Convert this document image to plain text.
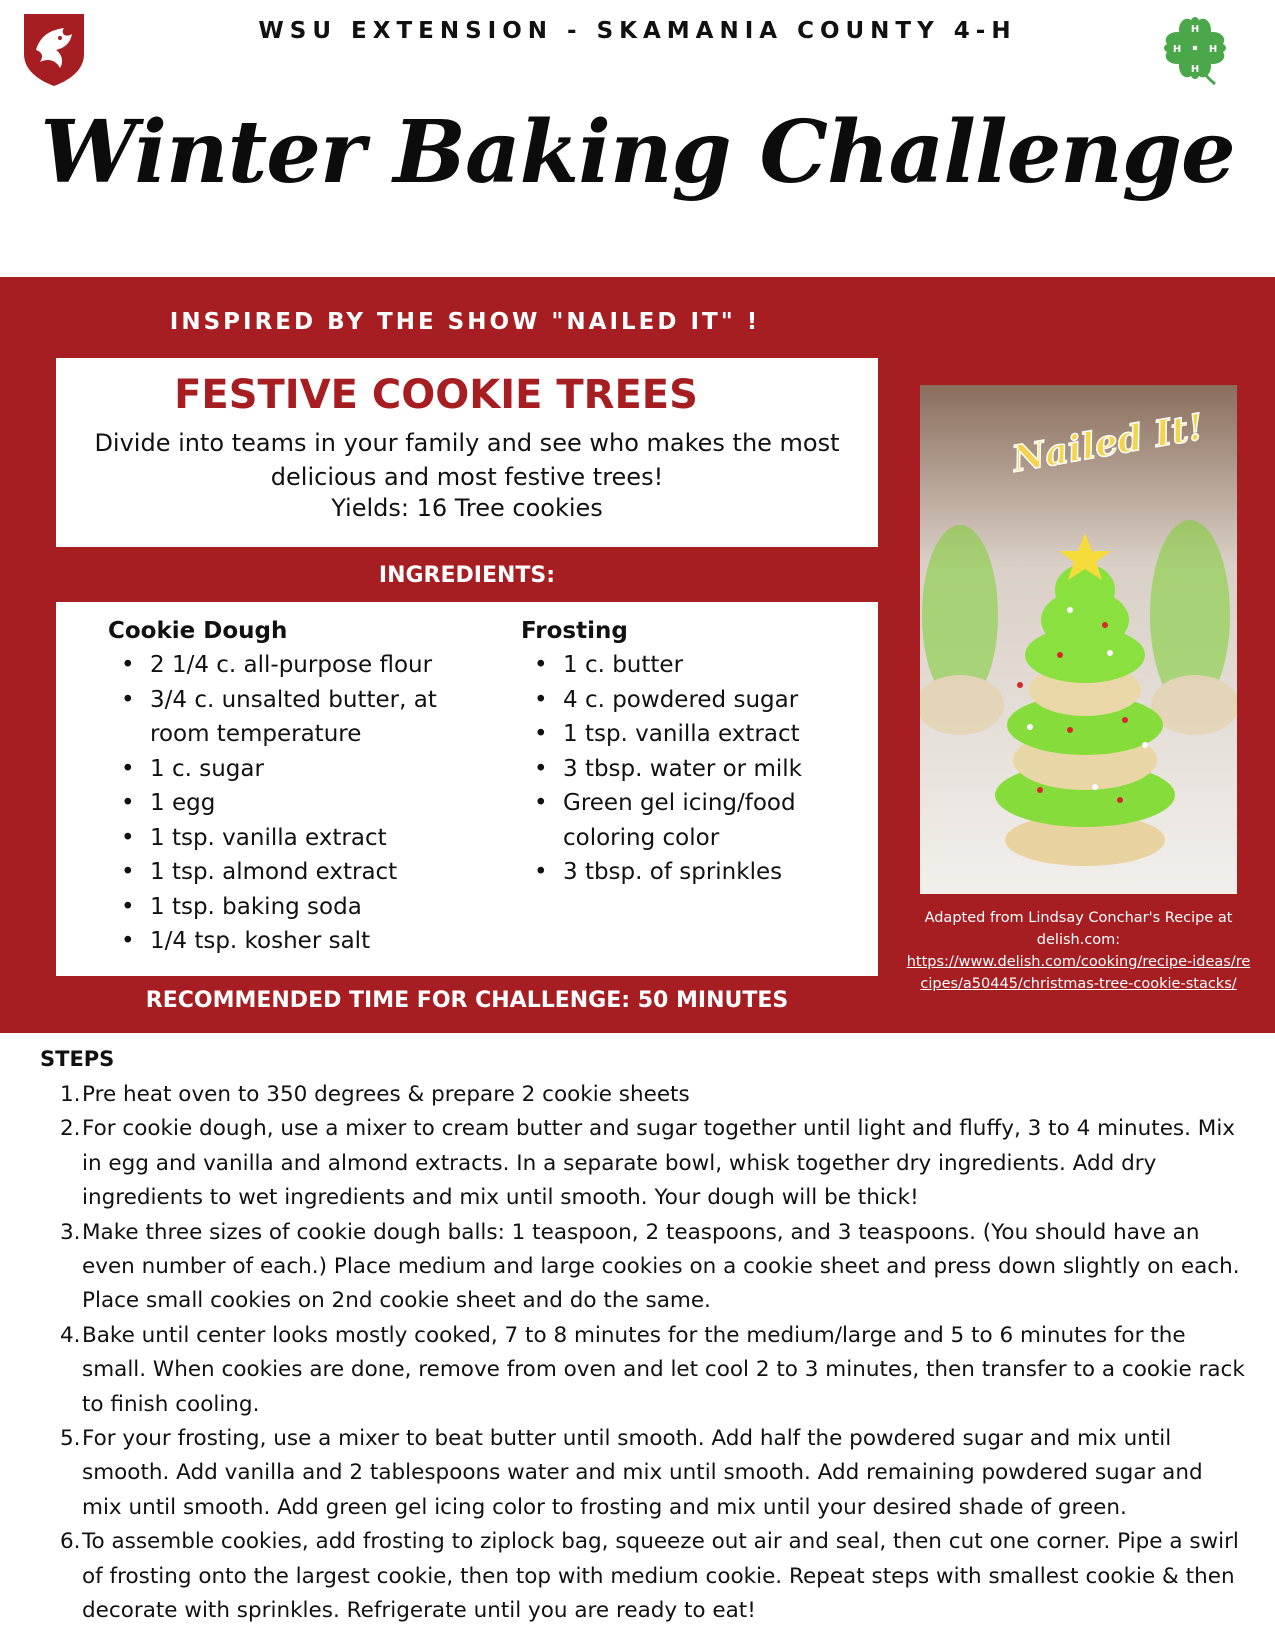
H
H
H
H
WSU EXTENSION - SKAMANIA COUNTY 4-H
Winter Baking Challenge
INSPIRED BY THE SHOW "NAILED IT" !
FESTIVE COOKIE TREES
Divide into teams in your family and see who makes the most delicious and most festive trees!
Yields: 16 Tree cookies
INGREDIENTS:
Cookie Dough
• 2 1/4 c. all-purpose flour
• 3/4 c. unsalted butter, at room temperature
• 1 c. sugar
• 1 egg
• 1 tsp. vanilla extract
• 1 tsp. almond extract
• 1 tsp. baking soda
• 1/4 tsp. kosher salt
Frosting
• 1 c. butter
• 4 c. powdered sugar
• 1 tsp. vanilla extract
• 3 tbsp. water or milk
• Green gel icing/food coloring color
• 3 tbsp. of sprinkles
RECOMMENDED TIME FOR CHALLENGE: 50 MINUTES
Nailed It!
Adapted from Lindsay Conchar's Recipe at delish.com:
https://www.delish.com/cooking/recipe-ideas/recipes/a50445/christmas-tree-cookie-stacks/
STEPS
1. Pre heat oven to 350 degrees & prepare 2 cookie sheets
2. For cookie dough, use a mixer to cream butter and sugar together until light and fluffy, 3 to 4 minutes. Mix in egg and vanilla and almond extracts. In a separate bowl, whisk together dry ingredients. Add dry ingredients to wet ingredients and mix until smooth. Your dough will be thick!
3. Make three sizes of cookie dough balls: 1 teaspoon, 2 teaspoons, and 3 teaspoons. (You should have an even number of each.) Place medium and large cookies on a cookie sheet and press down slightly on each. Place small cookies on 2nd cookie sheet and do the same.
4. Bake until center looks mostly cooked, 7 to 8 minutes for the medium/large and 5 to 6 minutes for the small. When cookies are done, remove from oven and let cool 2 to 3 minutes, then transfer to a cookie rack to finish cooling.
5. For your frosting, use a mixer to beat butter until smooth. Add half the powdered sugar and mix until smooth. Add vanilla and 2 tablespoons water and mix until smooth. Add remaining powdered sugar and mix until smooth. Add green gel icing color to frosting and mix until your desired shade of green.
6. To assemble cookies, add frosting to ziplock bag, squeeze out air and seal, then cut one corner. Pipe a swirl of frosting onto the largest cookie, then top with medium cookie. Repeat steps with smallest cookie & then decorate with sprinkles. Refrigerate until you are ready to eat!
